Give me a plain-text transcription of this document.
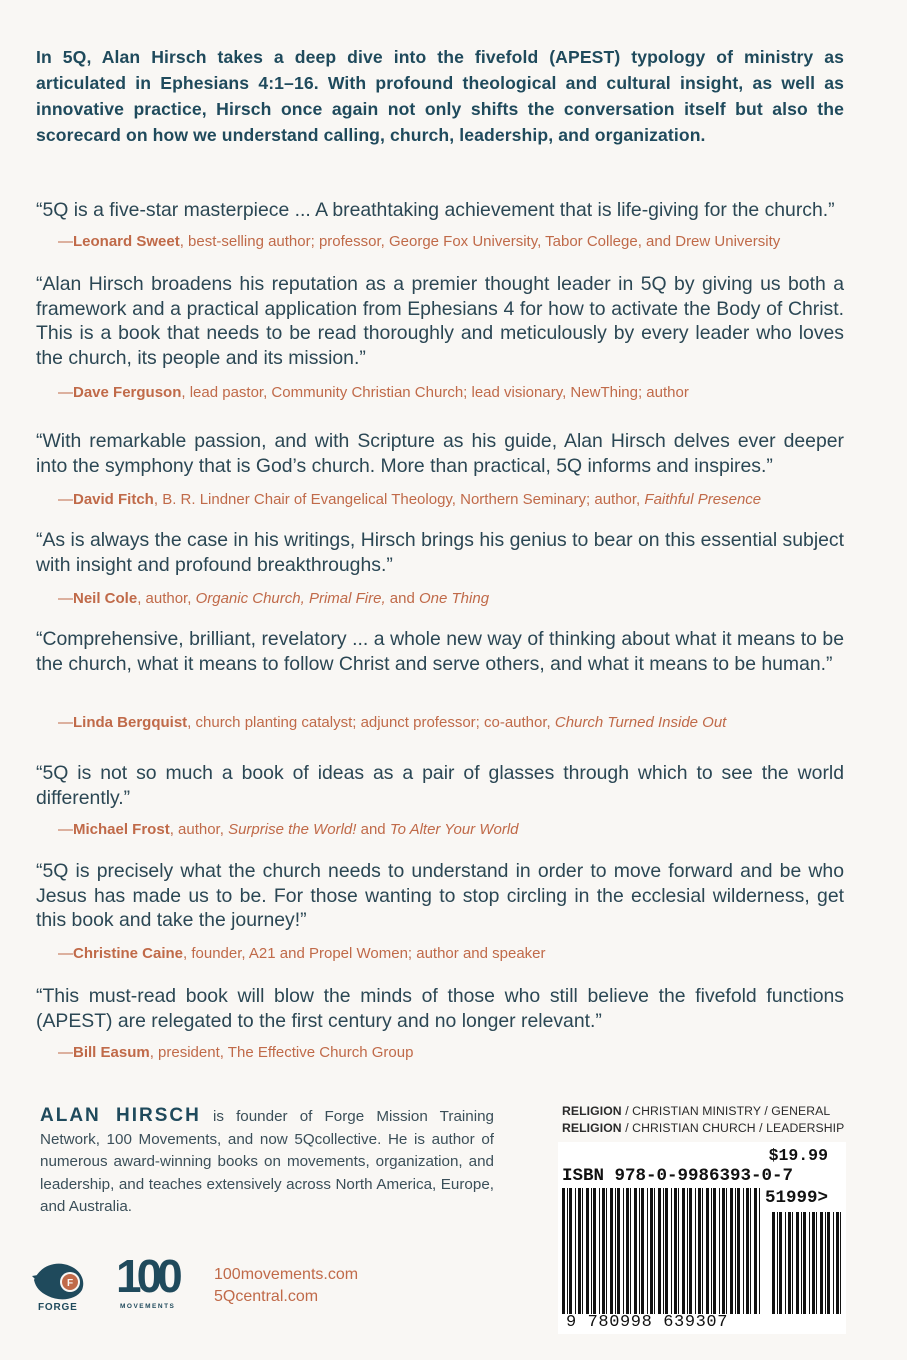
In 5Q, Alan Hirsch takes a deep dive into the fivefold (APEST) typology of ministry as articulated in Ephesians 4:1–16. With profound theological and cultural insight, as well as innovative practice, Hirsch once again not only shifts the conversation itself but also the scorecard on how we understand calling, church, leadership, and organization.
“5Q is a five-star masterpiece ... A breathtaking achievement that is life-giving for the church.”
—Leonard Sweet, best-selling author; professor, George Fox University, Tabor College, and Drew University
“Alan Hirsch broadens his reputation as a premier thought leader in 5Q by giving us both a framework and a practical application from Ephesians 4 for how to activate the Body of Christ. This is a book that needs to be read thoroughly and meticulously by every leader who loves the church, its people and its mission.”
—Dave Ferguson, lead pastor, Community Christian Church; lead visionary, NewThing; author
“With remarkable passion, and with Scripture as his guide, Alan Hirsch delves ever deeper into the symphony that is God’s church. More than practical, 5Q informs and inspires.”
—David Fitch, B. R. Lindner Chair of Evangelical Theology, Northern Seminary; author, Faithful Presence
“As is always the case in his writings, Hirsch brings his genius to bear on this essential subject with insight and profound breakthroughs.”
—Neil Cole, author, Organic Church, Primal Fire, and One Thing
“Comprehensive, brilliant, revelatory ... a whole new way of thinking about what it means to be the church, what it means to follow Christ and serve others, and what it means to be human.”
—Linda Bergquist, church planting catalyst; adjunct professor; co-author, Church Turned Inside Out
“5Q is not so much a book of ideas as a pair of glasses through which to see the world differently.”
—Michael Frost, author, Surprise the World! and To Alter Your World
“5Q is precisely what the church needs to understand in order to move forward and be who Jesus has made us to be. For those wanting to stop circling in the ecclesial wilderness, get this book and take the journey!”
—Christine Caine, founder, A21 and Propel Women; author and speaker
“This must-read book will blow the minds of those who still believe the fivefold functions (APEST) are relegated to the first century and no longer relevant.”
—Bill Easum, president, The Effective Church Group
ALAN HIRSCH is founder of Forge Mission Training Network, 100 Movements, and now 5Qcollective. He is author of numerous award-winning books on movements, organization, and leadership, and teaches extensively across North America, Europe, and Australia.
RELIGION / CHRISTIAN MINISTRY / GENERAL
RELIGION / CHRISTIAN CHURCH / LEADERSHIP
$19.99
ISBN 978-0-9986393-0-7
51999>
9 780998 639307
F
FORGE
100
MOVEMENTS
100movements.com
5Qcentral.com
